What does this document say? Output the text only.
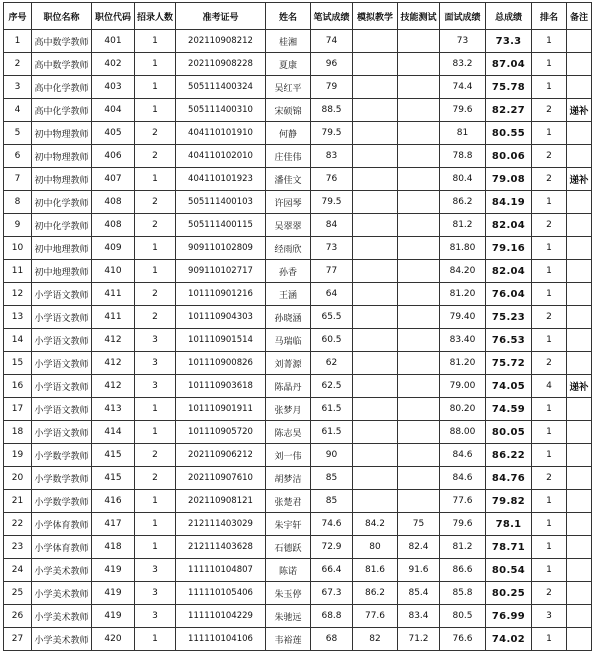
序号	职位名称	职位代码	招录人数	准考证号	姓名	笔试成绩	模拟教学	技能测试	面试成绩	总成绩	排名	备注
1	高中数学教师	401	1	202110908212	桂湘	74			73	73.3	1	
2	高中数学教师	402	1	202110908228	夏康	96			83.2	87.04	1	
3	高中化学教师	403	1	505111400324	吴红平	79			74.4	75.78	1	
4	高中化学教师	404	1	505111400310	宋硕锦	88.5			79.6	82.27	2	递补
5	初中物理教师	405	2	404110101910	何静	79.5			81	80.55	1	
6	初中物理教师	406	2	404110102010	庄佳伟	83			78.8	80.06	2	
7	初中物理教师	407	1	404110101923	潘佳文	76			80.4	79.08	2	递补
8	初中化学教师	408	2	505111400103	许园琴	79.5			86.2	84.19	1	
9	初中化学教师	408	2	505111400115	吴翠翠	84			81.2	82.04	2	
10	初中地理教师	409	1	909110102809	经雨欣	73			81.80	79.16	1	
11	初中地理教师	410	1	909110102717	孙香	77			84.20	82.04	1	
12	小学语文教师	411	2	101110901216	王涵	64			81.20	76.04	1	
13	小学语文教师	411	2	101110904303	孙晓涵	65.5			79.40	75.23	2	
14	小学语文教师	412	3	101110901514	马瑞临	60.5			83.40	76.53	1	
15	小学语文教师	412	3	101110900826	刘菁源	62			81.20	75.72	2	
16	小学语文教师	412	3	101110903618	陈晶丹	62.5			79.00	74.05	4	递补
17	小学语文教师	413	1	101110901911	张梦月	61.5			80.20	74.59	1	
18	小学语文教师	414	1	101110905720	陈志昊	61.5			88.00	80.05	1	
19	小学数学教师	415	2	202110906212	刘一伟	90			84.6	86.22	1	
20	小学数学教师	415	2	202110907610	胡梦洁	85			84.6	84.76	2	
21	小学数学教师	416	1	202110908121	张楚君	85			77.6	79.82	1	
22	小学体育教师	417	1	212111403029	朱宇轩	74.6	84.2	75	79.6	78.1	1	
23	小学体育教师	418	1	212111403628	石德跃	72.9	80	82.4	81.2	78.71	1	
24	小学美术教师	419	3	111110104807	陈诺	66.4	81.6	91.6	86.6	80.54	1	
25	小学美术教师	419	3	111110105406	朱玉停	67.3	86.2	85.4	85.8	80.25	2	
26	小学美术教师	419	3	111110104229	朱驰远	68.8	77.6	83.4	80.5	76.99	3	
27	小学美术教师	420	1	111110104106	韦裕莲	68	82	71.2	76.6	74.02	1	
